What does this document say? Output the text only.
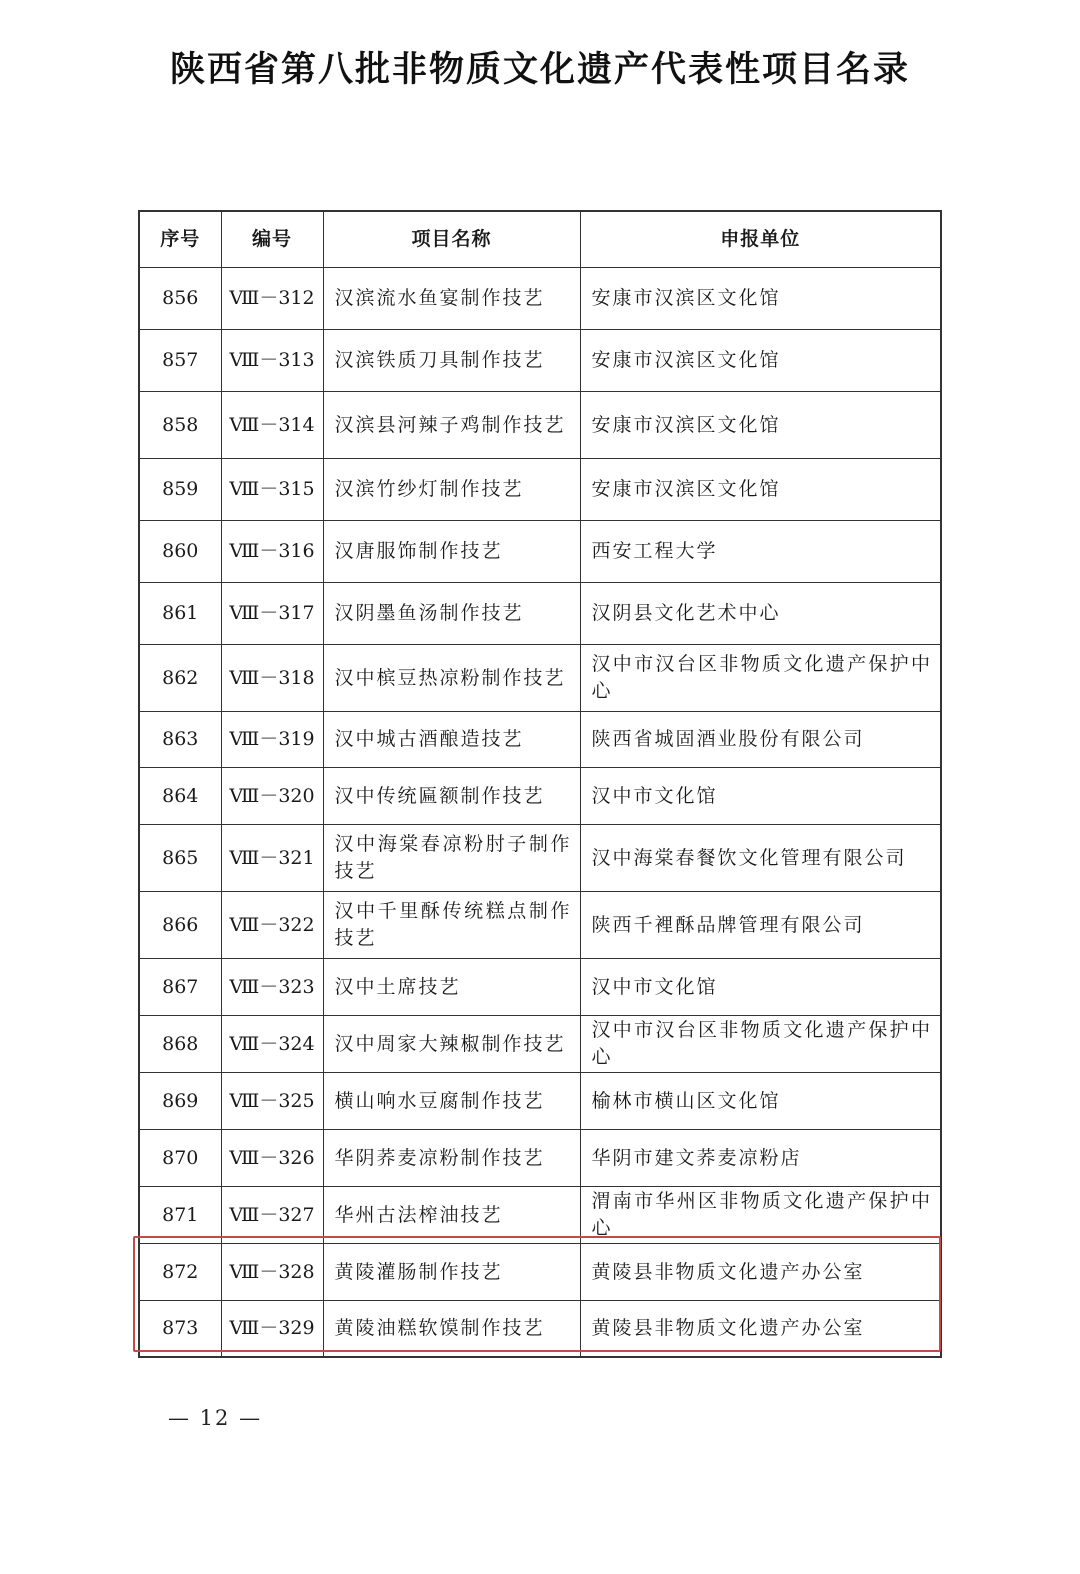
陕西省第八批非物质文化遗产代表性项目名录
序号	编号	项目名称	申报单位
856	Ⅷ－312	汉滨流水鱼宴制作技艺	安康市汉滨区文化馆
857	Ⅷ－313	汉滨铁质刀具制作技艺	安康市汉滨区文化馆
858	Ⅷ－314	汉滨县河辣子鸡制作技艺	安康市汉滨区文化馆
859	Ⅷ－315	汉滨竹纱灯制作技艺	安康市汉滨区文化馆
860	Ⅷ－316	汉唐服饰制作技艺	西安工程大学
861	Ⅷ－317	汉阴墨鱼汤制作技艺	汉阴县文化艺术中心
862	Ⅷ－318	汉中槟豆热凉粉制作技艺	汉中市汉台区非物质文化遗产保护中心
863	Ⅷ－319	汉中城古酒酿造技艺	陕西省城固酒业股份有限公司
864	Ⅷ－320	汉中传统匾额制作技艺	汉中市文化馆
865	Ⅷ－321	汉中海棠春凉粉肘子制作技艺	汉中海棠春餐饮文化管理有限公司
866	Ⅷ－322	汉中千里酥传统糕点制作技艺	陕西千裡酥品牌管理有限公司
867	Ⅷ－323	汉中土席技艺	汉中市文化馆
868	Ⅷ－324	汉中周家大辣椒制作技艺	汉中市汉台区非物质文化遗产保护中心
869	Ⅷ－325	横山响水豆腐制作技艺	榆林市横山区文化馆
870	Ⅷ－326	华阴荞麦凉粉制作技艺	华阴市建文荞麦凉粉店
871	Ⅷ－327	华州古法榨油技艺	渭南市华州区非物质文化遗产保护中心
872	Ⅷ－328	黄陵灌肠制作技艺	黄陵县非物质文化遗产办公室
873	Ⅷ－329	黄陵油糕软馍制作技艺	黄陵县非物质文化遗产办公室
— 12 —
